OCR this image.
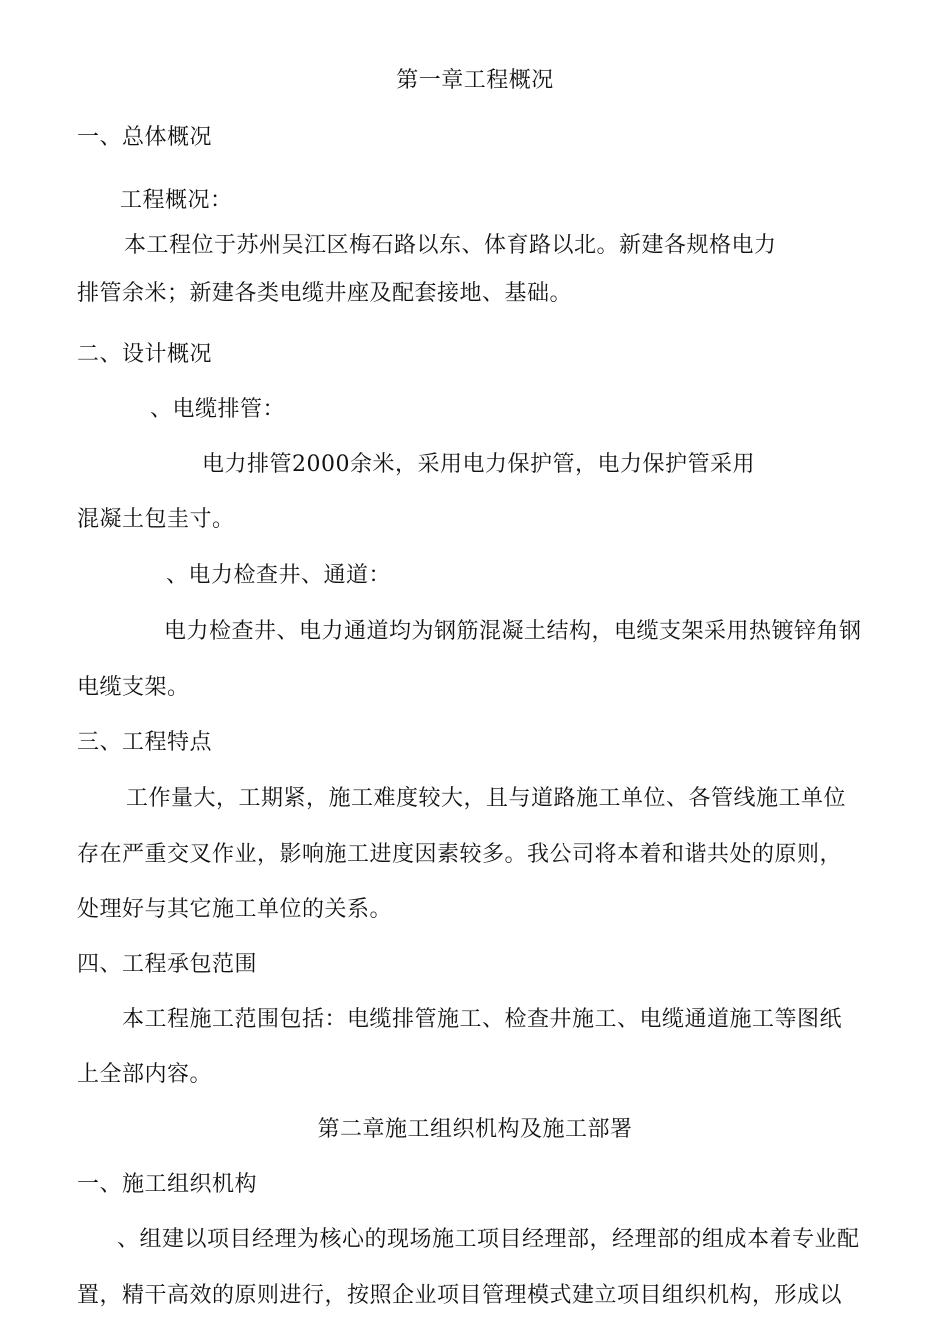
第一章工程概况
一、总体概况
工程概况：
本工程位于苏州吴江区梅石路以东、体育路以北。新建各规格电力
排管余米；新建各类电缆井座及配套接地、基础。
二、设计概况
、电缆排管：
电力排管2000余米，采用电力保护管，电力保护管采用
混凝土包圭寸。
、电力检查井、通道：
电力检查井、电力通道均为钢筋混凝土结构，电缆支架采用热镀锌角钢
电缆支架。
三、工程特点
工作量大，工期紧，施工难度较大，且与道路施工单位、各管线施工单位
存在严重交叉作业，影响施工进度因素较多。我公司将本着和谐共处的原则，
处理好与其它施工单位的关系。
四、工程承包范围
本工程施工范围包括：电缆排管施工、检查井施工、电缆通道施工等图纸
上全部内容。
第二章施工组织机构及施工部署
一、施工组织机构
、组建以项目经理为核心的现场施工项目经理部，经理部的组成本着专业配
置，精干高效的原则进行，按照企业项目管理模式建立项目组织机构，形成以
